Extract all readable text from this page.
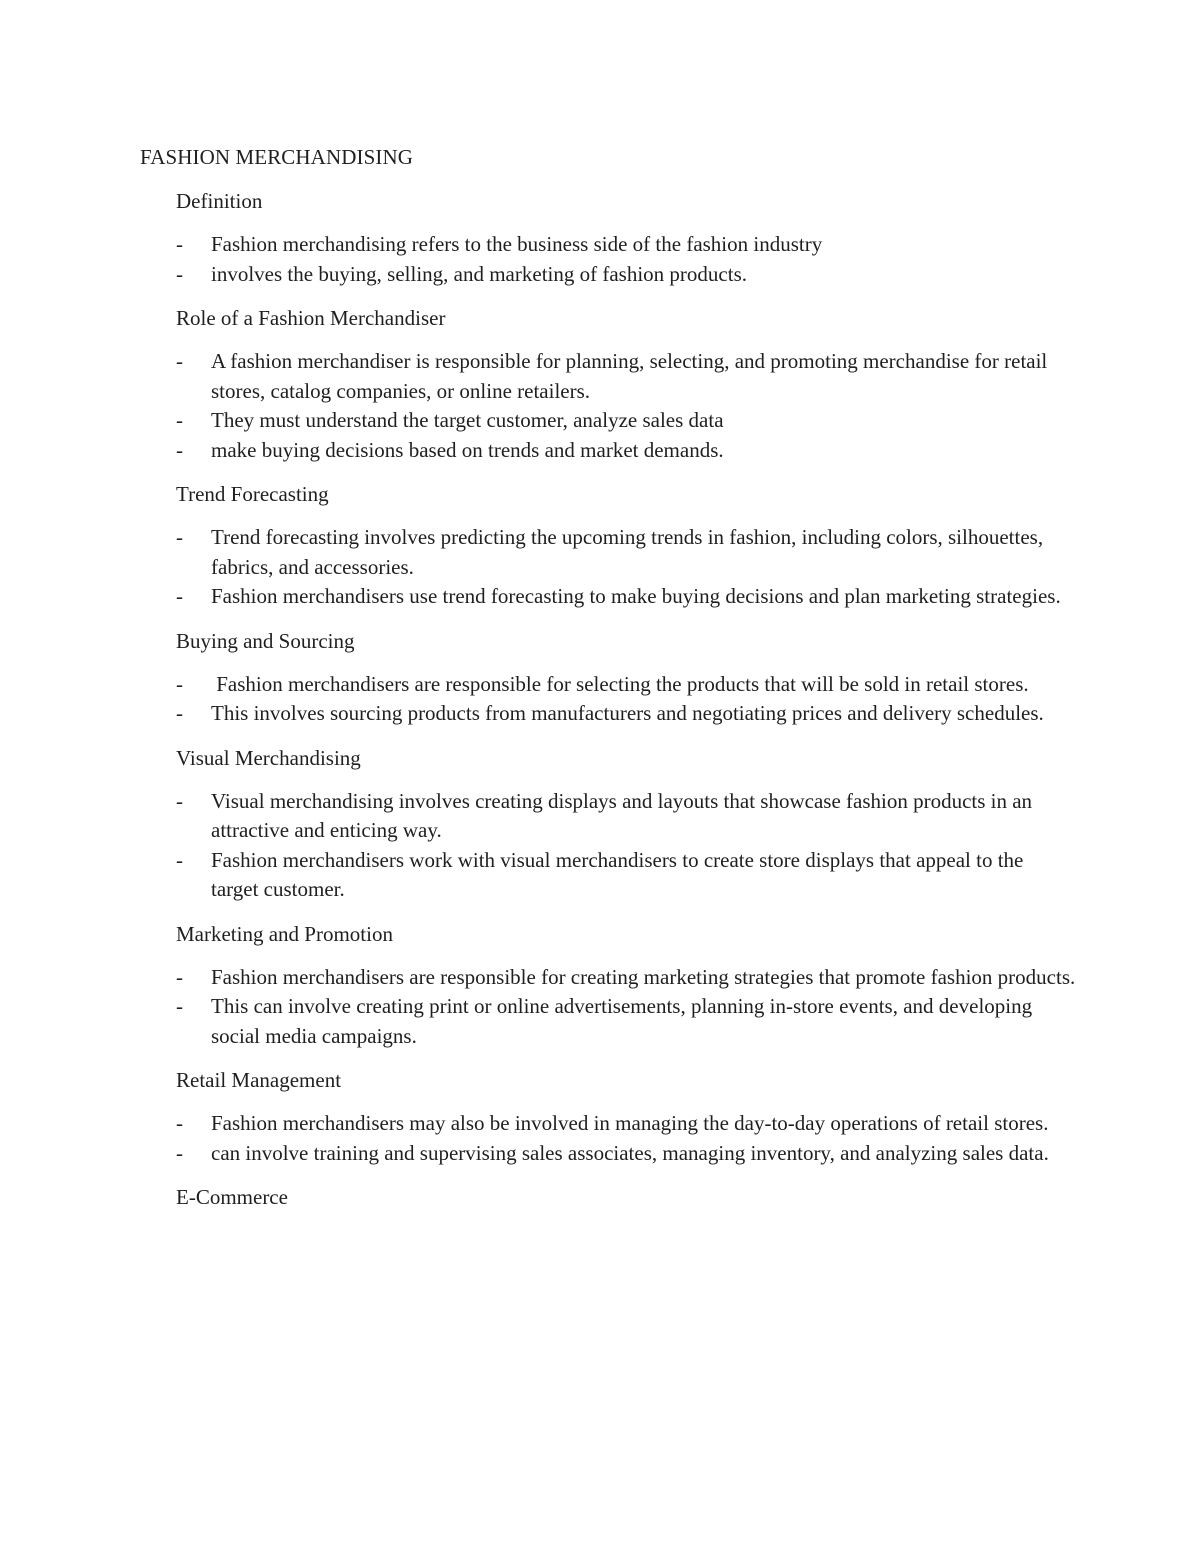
FASHION MERCHANDISING
Definition
- Fashion merchandising refers to the business side of the fashion industry
- involves the buying, selling, and marketing of fashion products.
Role of a Fashion Merchandiser
- A fashion merchandiser is responsible for planning, selecting, and promoting merchandise for retail stores, catalog companies, or online retailers.
- They must understand the target customer, analyze sales data
- make buying decisions based on trends and market demands.
Trend Forecasting
- Trend forecasting involves predicting the upcoming trends in fashion, including colors, silhouettes, fabrics, and accessories.
- Fashion merchandisers use trend forecasting to make buying decisions and plan marketing strategies.
Buying and Sourcing
- Fashion merchandisers are responsible for selecting the products that will be sold in retail stores.
- This involves sourcing products from manufacturers and negotiating prices and delivery schedules.
Visual Merchandising
- Visual merchandising involves creating displays and layouts that showcase fashion products in an attractive and enticing way.
- Fashion merchandisers work with visual merchandisers to create store displays that appeal to the target customer.
Marketing and Promotion
- Fashion merchandisers are responsible for creating marketing strategies that promote fashion products.
- This can involve creating print or online advertisements, planning in-store events, and developing social media campaigns.
Retail Management
- Fashion merchandisers may also be involved in managing the day-to-day operations of retail stores.
- can involve training and supervising sales associates, managing inventory, and analyzing sales data.
E-Commerce
